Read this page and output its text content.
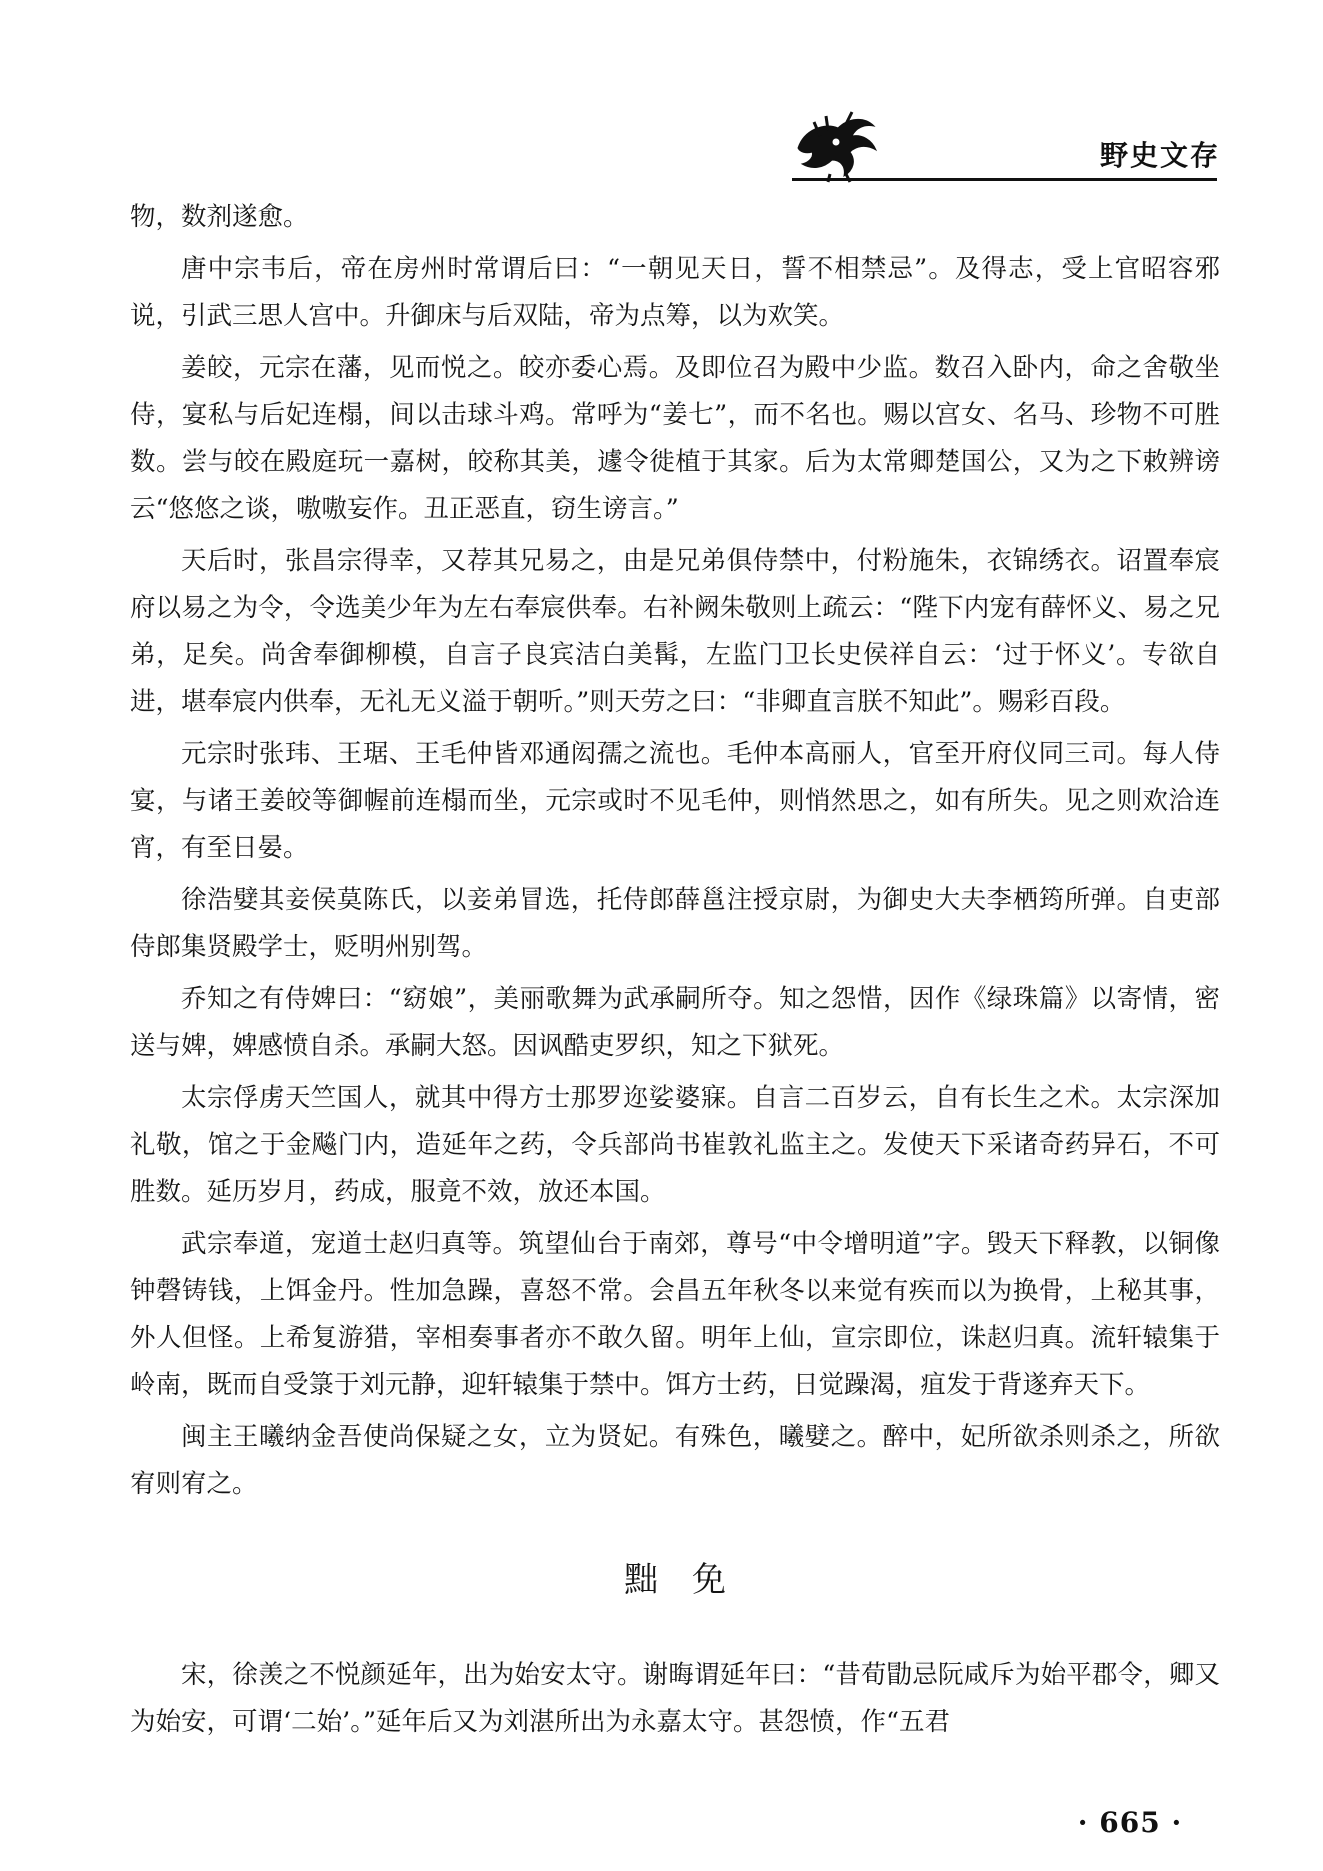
野史文存

物，数剂遂愈。

唐中宗韦后，帝在房州时常谓后曰：“一朝见天日，誓不相禁忌”。及得志，受上官昭容邪说，引武三思人宫中。升御床与后双陆，帝为点筹，以为欢笑。

姜皎，元宗在藩，见而悦之。皎亦委心焉。及即位召为殿中少监。数召入卧内，命之舍敬坐侍，宴私与后妃连榻，间以击球斗鸡。常呼为“姜七”，而不名也。赐以宫女、名马、珍物不可胜数。尝与皎在殿庭玩一嘉树，皎称其美，遽令徙植于其家。后为太常卿楚国公，又为之下敕辨谤云“悠悠之谈，嗷嗷妄作。丑正恶直，窃生谤言。”

天后时，张昌宗得幸，又荐其兄易之，由是兄弟俱侍禁中，付粉施朱，衣锦绣衣。诏置奉宸府以易之为令，令选美少年为左右奉宸供奉。右补阙朱敬则上疏云：“陛下内宠有薛怀义、易之兄弟，足矣。尚舍奉御柳模，自言子良宾洁白美髯，左监门卫长史侯祥自云：‘过于怀义’。专欲自进，堪奉宸内供奉，无礼无义溢于朝听。”则天劳之曰：“非卿直言朕不知此”。赐彩百段。

元宗时张玮、王琚、王毛仲皆邓通闳孺之流也。毛仲本高丽人，官至开府仪同三司。每人侍宴，与诸王姜皎等御幄前连榻而坐，元宗或时不见毛仲，则悄然思之，如有所失。见之则欢洽连宵，有至日晏。

徐浩嬖其妾侯莫陈氏，以妾弟冒选，托侍郎薛邕注授京尉，为御史大夫李栖筠所弹。自吏部侍郎集贤殿学士，贬明州别驾。

乔知之有侍婢曰：“窈娘”，美丽歌舞为武承嗣所夺。知之怨惜，因作《绿珠篇》以寄情，密送与婢，婢感愤自杀。承嗣大怒。因讽酷吏罗织，知之下狱死。

太宗俘虏天竺国人，就其中得方士那罗迩娑婆寐。自言二百岁云，自有长生之术。太宗深加礼敬，馆之于金飚门内，造延年之药，令兵部尚书崔敦礼监主之。发使天下采诸奇药异石，不可胜数。延历岁月，药成，服竟不效，放还本国。

武宗奉道，宠道士赵归真等。筑望仙台于南郊，尊号“中令增明道”字。毁天下释教，以铜像钟磬铸钱，上饵金丹。性加急躁，喜怒不常。会昌五年秋冬以来觉有疾而以为换骨，上秘其事，外人但怪。上希复游猎，宰相奏事者亦不敢久留。明年上仙，宣宗即位，诛赵归真。流轩辕集于岭南，既而自受箓于刘元静，迎轩辕集于禁中。饵方士药，日觉躁渴，疽发于背遂弃天下。

闽主王曦纳金吾使尚保疑之女，立为贤妃。有殊色，曦嬖之。醉中，妃所欲杀则杀之，所欲宥则宥之。

黜免

宋，徐羡之不悦颜延年，出为始安太守。谢晦谓延年曰：“昔荀勖忌阮咸斥为始平郡令，卿又为始安，可谓‘二始’。”延年后又为刘湛所出为永嘉太守。甚怨愤，作“五君

· 665 ·
